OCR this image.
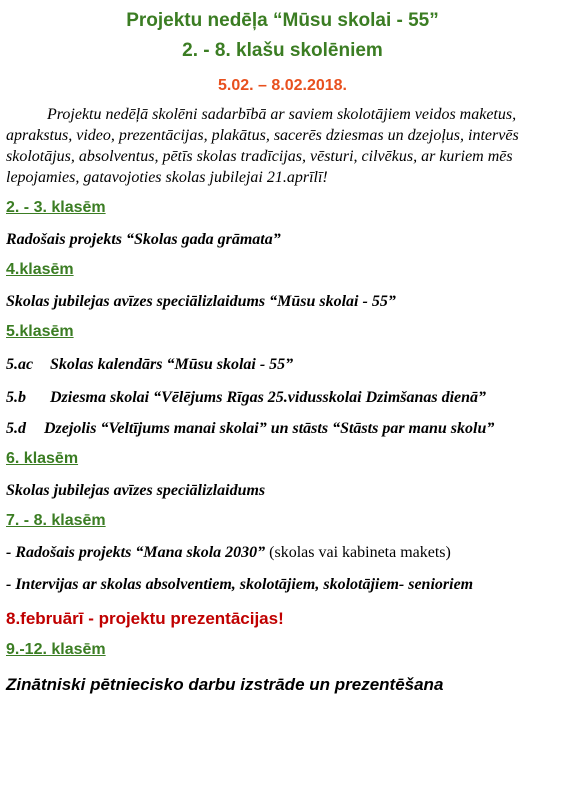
Projektu nedēļa “Mūsu skolai - 55”
2. - 8. klašu skolēniem

5.02. – 8.02.2018.

Projektu nedēļā skolēni sadarbībā ar saviem skolotājiem veidos maketus, aprakstus, video, prezentācijas, plakātus, sacerēs dziesmas un dzejoļus, intervēs skolotājus, absolventus, pētīs skolas tradīcijas, vēsturi, cilvēkus, ar kuriem mēs lepojamies, gatavojoties skolas jubilejai 21.aprīlī!

2. - 3. klasēm

Radošais projekts “Skolas gada grāmata”

4.klasēm

Skolas jubilejas avīzes speciālizlaidums “Mūsu skolai - 55”

5.klasēm

5.ac Skolas kalendārs “Mūsu skolai - 55”

5.b Dziesma skolai “Vēlējums Rīgas 25.vidusskolai Dzimšanas dienā”

5.d Dzejolis “Veltījums manai skolai” un stāsts “Stāsts par manu skolu”

6. klasēm

Skolas jubilejas avīzes speciālizlaidums

7. - 8. klasēm

- Radošais projekts “Mana skola 2030” (skolas vai kabineta makets)

- Intervijas ar skolas absolventiem, skolotājiem, skolotājiem- senioriem

8.februārī - projektu prezentācijas!

9.-12. klasēm

Zinātniski pētniecisko darbu izstrāde un prezentēšana
